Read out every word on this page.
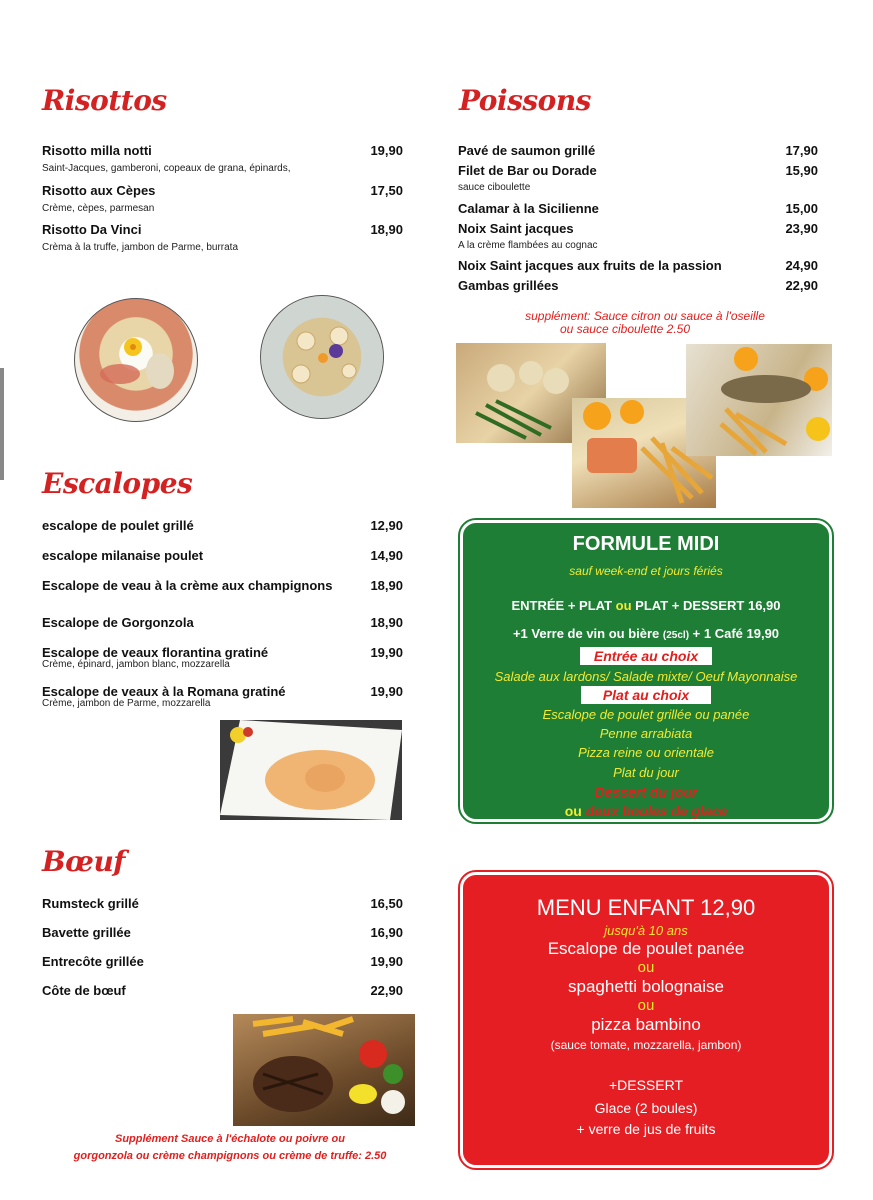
Risottos
Risotto milla notti	19,90
Saint-Jacques, gamberoni, copeaux de grana, épinards,
Risotto aux Cèpes	17,50
Crème, cèpes, parmesan
Risotto Da Vinci	18,90
Crèma à la truffe, jambon de Parme, burrata
Poissons
Pavé de saumon grillé	17,90
Filet de Bar ou Dorade	15,90
sauce ciboulette
Calamar à la Sicilienne	15,00
Noix Saint jacques	23,90
A la crème flambées au cognac
Noix Saint jacques aux fruits de la passion	24,90
Gambas grillées	22,90
supplément: Sauce citron ou sauce à l'oseille
ou sauce ciboulette 2.50
Escalopes
escalope de poulet grillé	12,90
escalope milanaise poulet	14,90
Escalope de veau à la crème aux champignons	18,90
Escalope de Gorgonzola	18,90
Escalope de veaux florantina gratiné	19,90
Crème, épinard, jambon blanc, mozzarella
Escalope de veaux à la Romana gratiné	19,90
Crème, jambon de Parme, mozzarella
Bœuf
Rumsteck grillé	16,50
Bavette grillée	16,90
Entrecôte grillée	19,90
Côte de bœuf	22,90
Supplément Sauce à l'échalote ou poivre ou
gorgonzola ou crème champignons ou crème de truffe: 2.50
FORMULE MIDI
sauf week-end et jours fériés
ENTRÉE + PLAT ou PLAT + DESSERT 16,90
+1 Verre de vin ou bière (25cl) + 1 Café 19,90
Entrée au choix
Salade aux lardons/ Salade mixte/ Oeuf Mayonnaise
Plat au choix
Escalope de poulet grillée ou panée
Penne arrabiata
Pizza reine ou orientale
Plat du jour
Dessert du jour
ou deux boules de glace
MENU ENFANT 12,90
jusqu'à 10 ans
Escalope de poulet panée
ou
spaghetti bolognaise
ou
pizza bambino
(sauce tomate, mozzarella, jambon)
+DESSERT
Glace (2 boules)
+ verre de jus de fruits
